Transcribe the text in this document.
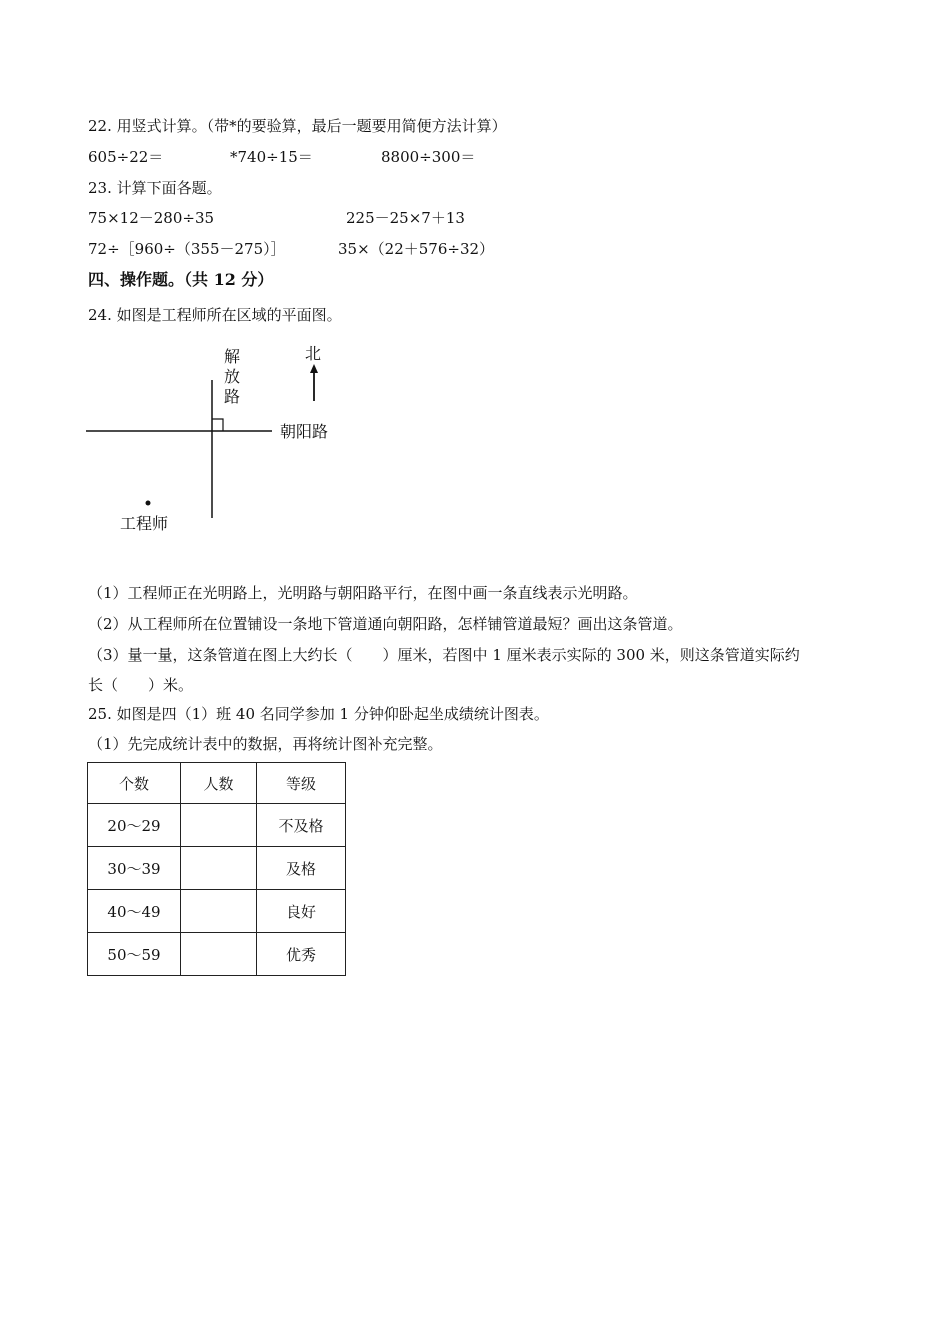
22. 用竖式计算。（带*的要验算，最后一题要用简便方法计算）
605÷22＝	*740÷15＝	8800÷300＝
23. 计算下面各题。
75×12－280÷35	225－25×7＋13
72÷［960÷（355－275）］	35×（22＋576÷32）
四、操作题。（共 12 分）
24. 如图是工程师所在区域的平面图。
解
放
路
朝阳路
北
工程师
（1）工程师正在光明路上，光明路与朝阳路平行，在图中画一条直线表示光明路。
（2）从工程师所在位置铺设一条地下管道通向朝阳路，怎样铺管道最短？画出这条管道。
（3）量一量，这条管道在图上大约长（　　）厘米，若图中 1 厘米表示实际的 300 米，则这条管道实际约
长（　　）米。
25. 如图是四（1）班 40 名同学参加 1 分钟仰卧起坐成绩统计图表。
（1）先完成统计表中的数据，再将统计图补充完整。
个数	人数	等级
20～29		不及格
30～39		及格
40～49		良好
50～59		优秀
